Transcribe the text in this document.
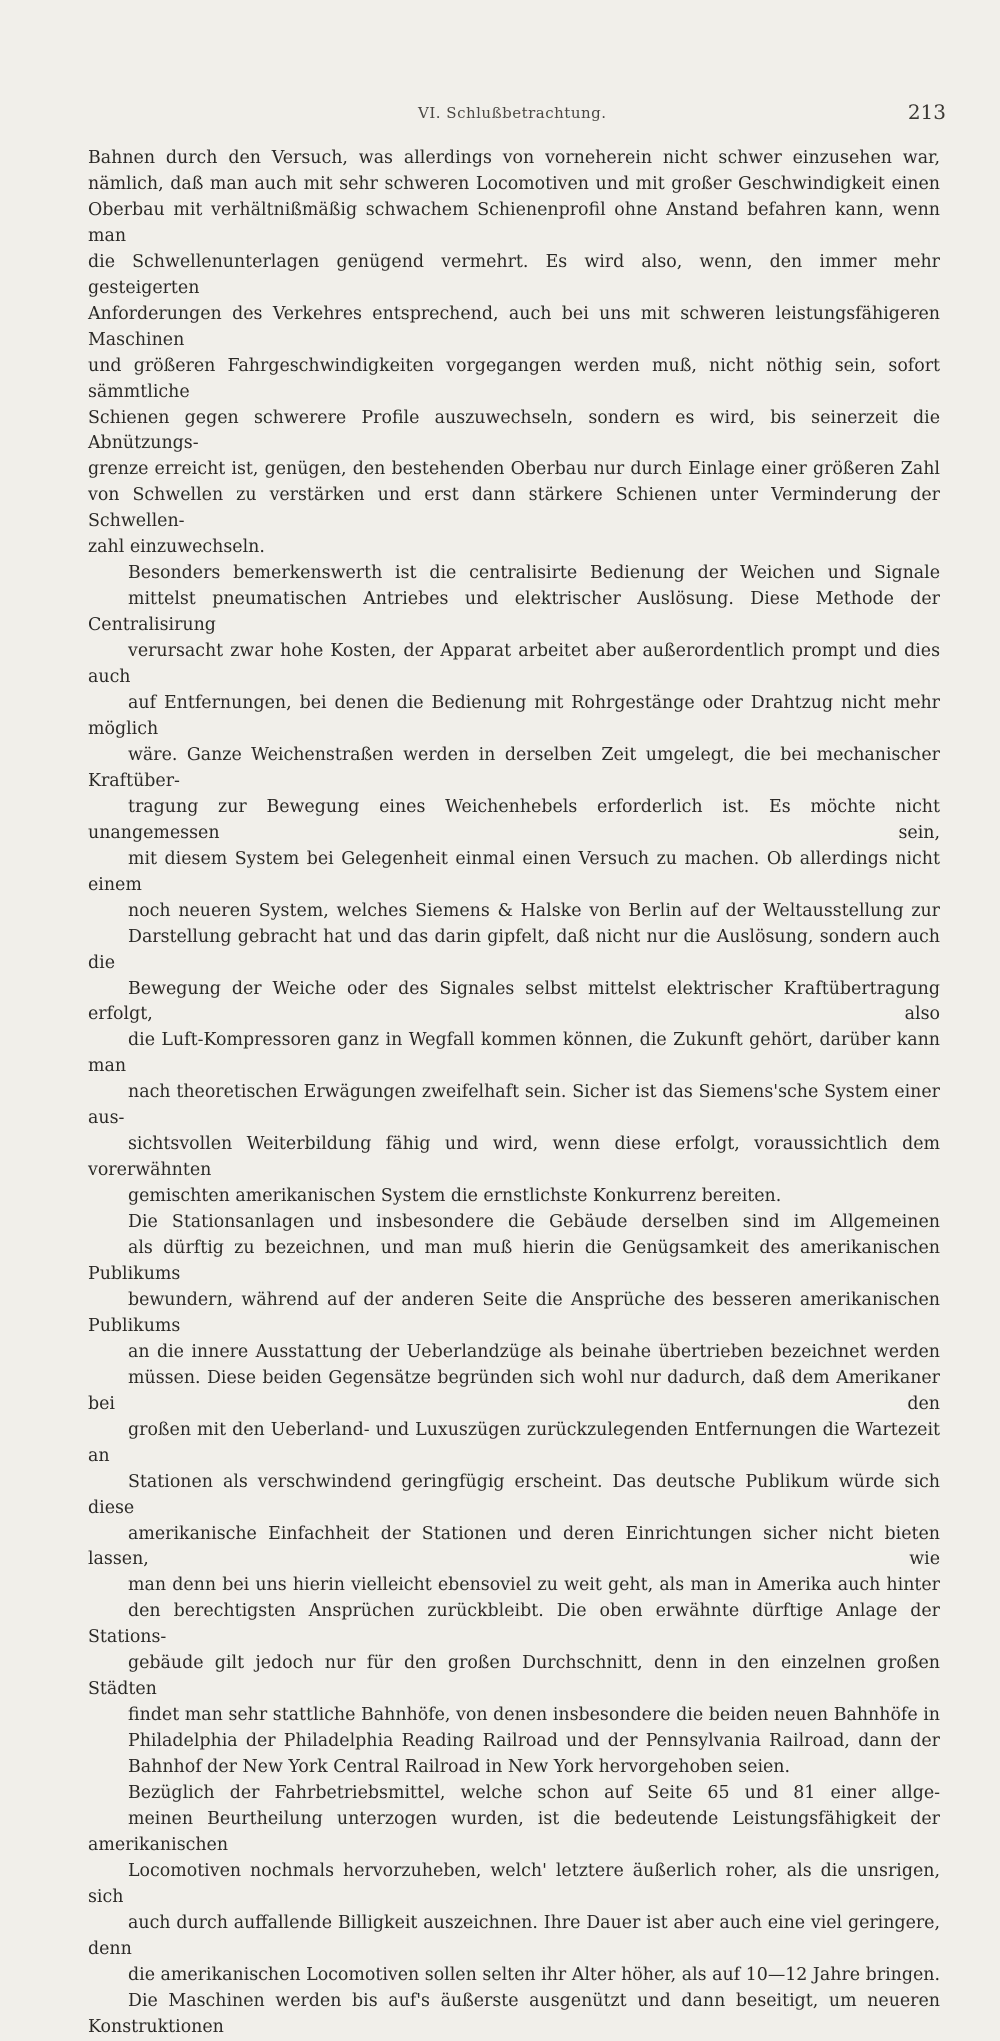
VI. Schlußbetrachtung.	213

Bahnen durch den Versuch, was allerdings von vorneherein nicht schwer einzusehen war,
nämlich, daß man auch mit sehr schweren Locomotiven und mit großer Geschwindigkeit einen
Oberbau mit verhältnißmäßig schwachem Schienenprofil ohne Anstand befahren kann, wenn man
die Schwellenunterlagen genügend vermehrt. Es wird also, wenn, den immer mehr gesteigerten
Anforderungen des Verkehres entsprechend, auch bei uns mit schweren leistungsfähigeren Maschinen
und größeren Fahrgeschwindigkeiten vorgegangen werden muß, nicht nöthig sein, sofort sämmtliche
Schienen gegen schwerere Profile auszuwechseln, sondern es wird, bis seinerzeit die Abnützungs-
grenze erreicht ist, genügen, den bestehenden Oberbau nur durch Einlage einer größeren Zahl
von Schwellen zu verstärken und erst dann stärkere Schienen unter Verminderung der Schwellen-
zahl einzuwechseln.

Besonders bemerkenswerth ist die centralisirte Bedienung der Weichen und Signale
mittelst pneumatischen Antriebes und elektrischer Auslösung. Diese Methode der Centralisirung
verursacht zwar hohe Kosten, der Apparat arbeitet aber außerordentlich prompt und dies auch
auf Entfernungen, bei denen die Bedienung mit Rohrgestänge oder Drahtzug nicht mehr möglich
wäre. Ganze Weichenstraßen werden in derselben Zeit umgelegt, die bei mechanischer Kraftüber-
tragung zur Bewegung eines Weichenhebels erforderlich ist. Es möchte nicht unangemessen sein,
mit diesem System bei Gelegenheit einmal einen Versuch zu machen. Ob allerdings nicht einem
noch neueren System, welches Siemens & Halske von Berlin auf der Weltausstellung zur
Darstellung gebracht hat und das darin gipfelt, daß nicht nur die Auslösung, sondern auch die
Bewegung der Weiche oder des Signales selbst mittelst elektrischer Kraftübertragung erfolgt, also
die Luft-Kompressoren ganz in Wegfall kommen können, die Zukunft gehört, darüber kann man
nach theoretischen Erwägungen zweifelhaft sein. Sicher ist das Siemens'sche System einer aus-
sichtsvollen Weiterbildung fähig und wird, wenn diese erfolgt, voraussichtlich dem vorerwähnten
gemischten amerikanischen System die ernstlichste Konkurrenz bereiten.

Die Stationsanlagen und insbesondere die Gebäude derselben sind im Allgemeinen
als dürftig zu bezeichnen, und man muß hierin die Genügsamkeit des amerikanischen Publikums
bewundern, während auf der anderen Seite die Ansprüche des besseren amerikanischen Publikums
an die innere Ausstattung der Ueberlandzüge als beinahe übertrieben bezeichnet werden
müssen. Diese beiden Gegensätze begründen sich wohl nur dadurch, daß dem Amerikaner bei den
großen mit den Ueberland- und Luxuszügen zurückzulegenden Entfernungen die Wartezeit an
Stationen als verschwindend geringfügig erscheint. Das deutsche Publikum würde sich diese
amerikanische Einfachheit der Stationen und deren Einrichtungen sicher nicht bieten lassen, wie
man denn bei uns hierin vielleicht ebensoviel zu weit geht, als man in Amerika auch hinter
den berechtigsten Ansprüchen zurückbleibt. Die oben erwähnte dürftige Anlage der Stations-
gebäude gilt jedoch nur für den großen Durchschnitt, denn in den einzelnen großen Städten
findet man sehr stattliche Bahnhöfe, von denen insbesondere die beiden neuen Bahnhöfe in
Philadelphia der Philadelphia Reading Railroad und der Pennsylvania Railroad, dann der
Bahnhof der New York Central Railroad in New York hervorgehoben seien.

Bezüglich der Fahrbetriebsmittel, welche schon auf Seite 65 und 81 einer allge-
meinen Beurtheilung unterzogen wurden, ist die bedeutende Leistungsfähigkeit der amerikanischen
Locomotiven nochmals hervorzuheben, welch' letztere äußerlich roher, als die unsrigen, sich
auch durch auffallende Billigkeit auszeichnen. Ihre Dauer ist aber auch eine viel geringere, denn
die amerikanischen Locomotiven sollen selten ihr Alter höher, als auf 10—12 Jahre bringen.
Die Maschinen werden bis auf's äußerste ausgenützt und dann beseitigt, um neueren Konstruktionen
